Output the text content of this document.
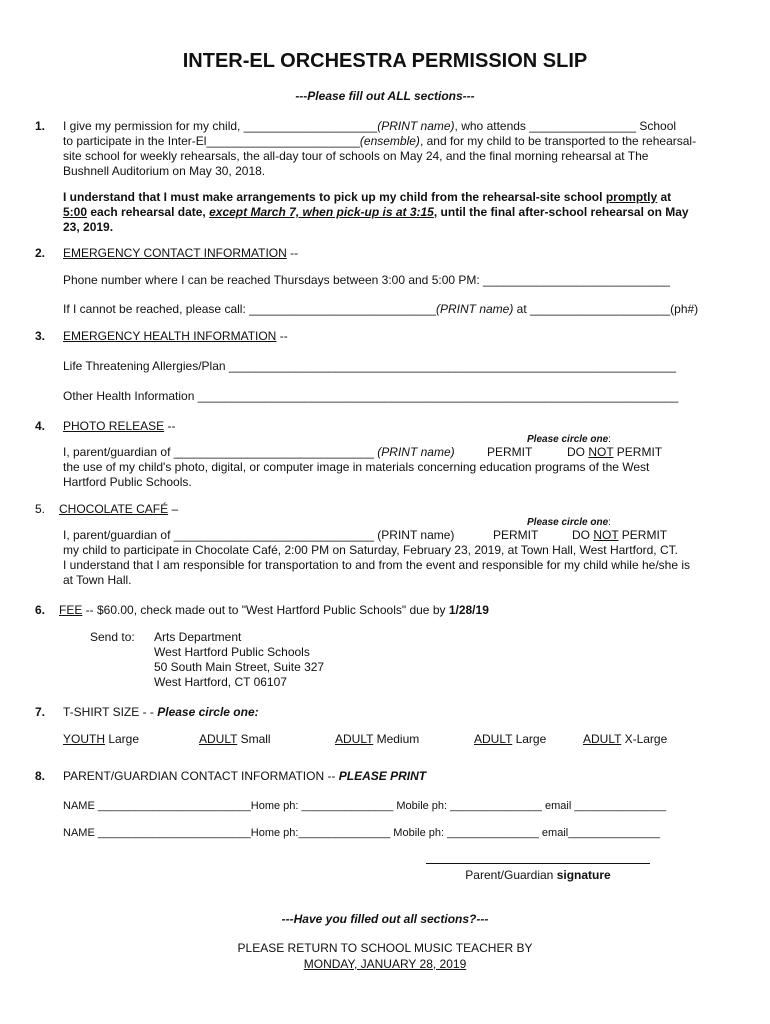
INTER-EL ORCHESTRA PERMISSION SLIP
---Please fill out ALL sections---
1. I give my permission for my child, ____________________(PRINT name), who attends ________________ School
to participate in the Inter-El_______________________(ensemble), and for my child to be transported to the rehearsal-
site school for weekly rehearsals, the all-day tour of schools on May 24, and the final morning rehearsal at The
Bushnell Auditorium on May 30, 2018.
I understand that I must make arrangements to pick up my child from the rehearsal-site school promptly at
5:00 each rehearsal date, except March 7, when pick-up is at 3:15, until the final after-school rehearsal on May
23, 2019.
2. EMERGENCY CONTACT INFORMATION --
Phone number where I can be reached Thursdays between 3:00 and 5:00 PM: ____________________________
If I cannot be reached, please call: ____________________________(PRINT name) at _____________________(ph#)
3. EMERGENCY HEALTH INFORMATION --
Life Threatening Allergies/Plan ___________________________________________________________________
Other Health Information ________________________________________________________________________
4. PHOTO RELEASE --
Please circle one:
I, parent/guardian of ______________________________ (PRINT name)	PERMIT	DO NOT PERMIT
the use of my child's photo, digital, or computer image in materials concerning education programs of the West
Hartford Public Schools.
5. CHOCOLATE CAFÉ –
Please circle one:
I, parent/guardian of ______________________________ (PRINT name)	PERMIT	DO NOT PERMIT
my child to participate in Chocolate Café, 2:00 PM on Saturday, February 23, 2019, at Town Hall, West Hartford, CT.
I understand that I am responsible for transportation to and from the event and responsible for my child while he/she is
at Town Hall.
6. FEE -- $60.00, check made out to "West Hartford Public Schools" due by 1/28/19
Send to: Arts Department
West Hartford Public Schools
50 South Main Street, Suite 327
West Hartford, CT 06107
7. T-SHIRT SIZE - - Please circle one:
YOUTH Large	ADULT Small	ADULT Medium	ADULT Large	ADULT X-Large
8. PARENT/GUARDIAN CONTACT INFORMATION -- PLEASE PRINT
NAME _________________________Home ph: _______________ Mobile ph: _______________ email _______________
NAME _________________________Home ph:_______________ Mobile ph: _______________ email_______________
Parent/Guardian signature
---Have you filled out all sections?---
PLEASE RETURN TO SCHOOL MUSIC TEACHER BY
MONDAY, JANUARY 28, 2019
